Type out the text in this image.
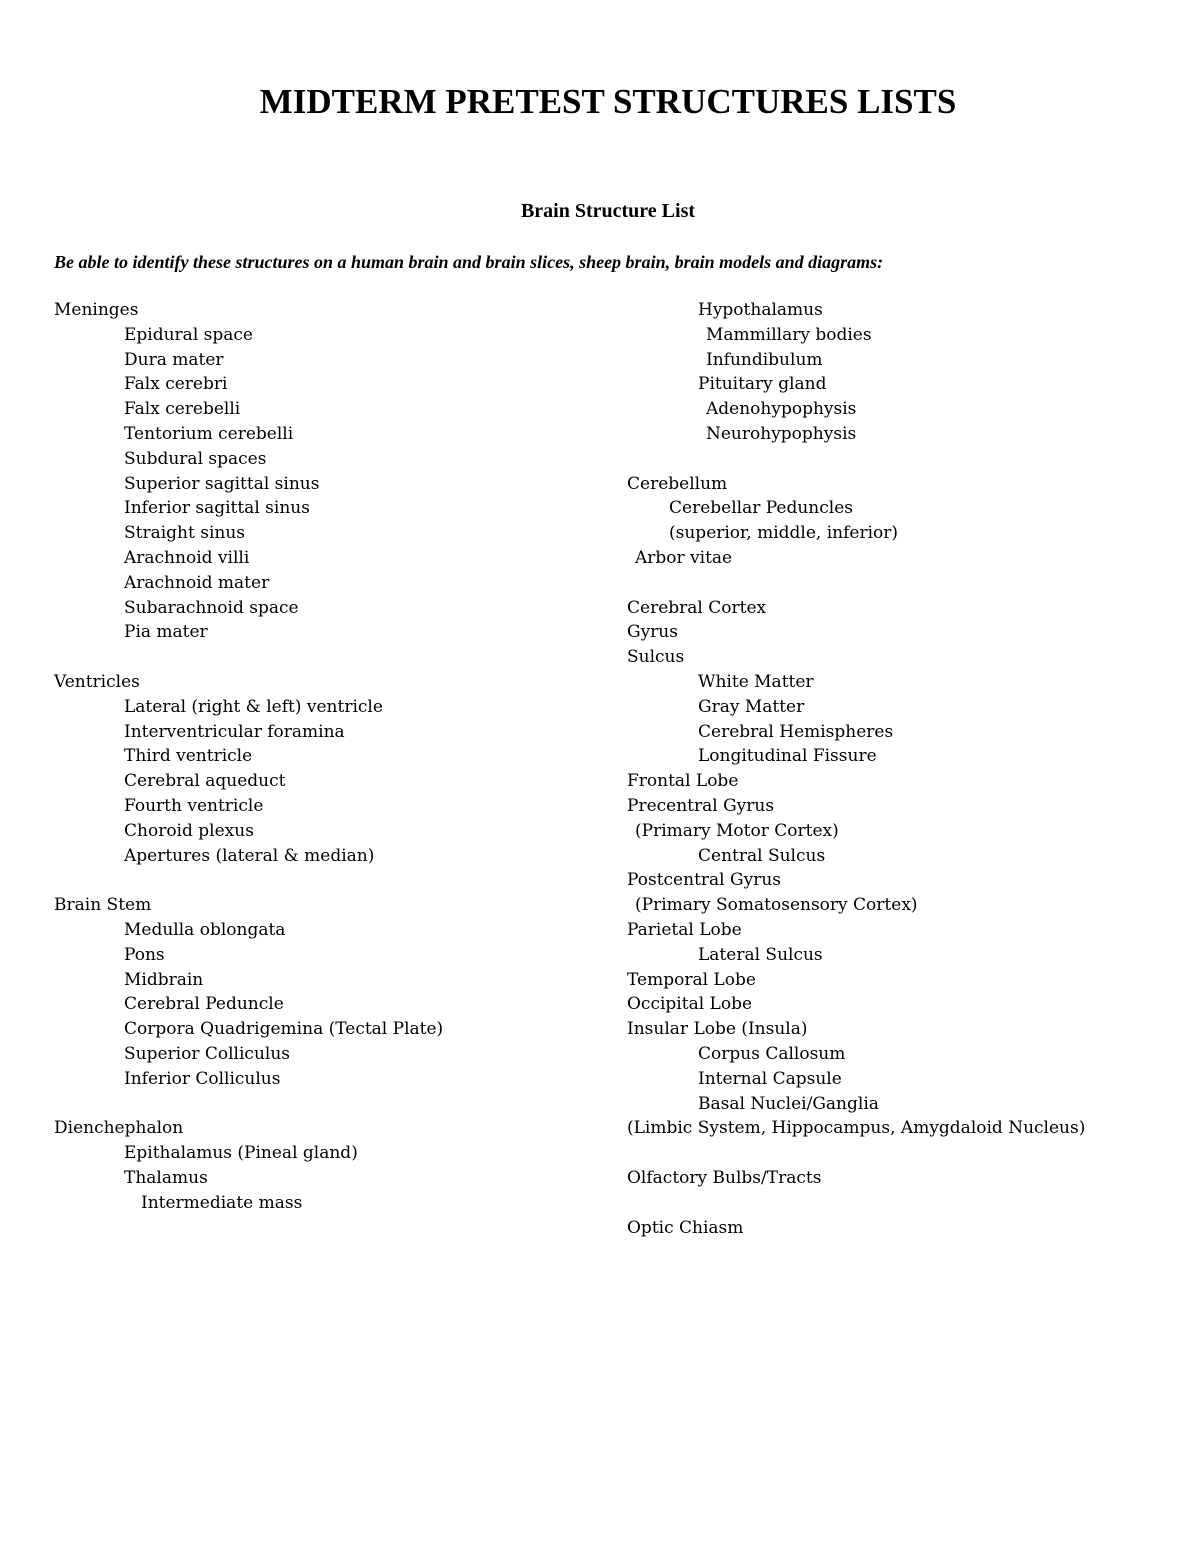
MIDTERM PRETEST STRUCTURES LISTS
Brain Structure List

Be able to identify these structures on a human brain and brain slices, sheep brain, brain models and diagrams:

Meninges
Epidural space
Dura mater
Falx cerebri
Falx cerebelli
Tentorium cerebelli
Subdural spaces
Superior sagittal sinus
Inferior sagittal sinus
Straight sinus
Arachnoid villi
Arachnoid mater
Subarachnoid space
Pia mater
Ventricles
Lateral (right & left) ventricle
Interventricular foramina
Third ventricle
Cerebral aqueduct
Fourth ventricle
Choroid plexus
Apertures (lateral & median)
Brain Stem
Medulla oblongata
Pons
Midbrain
Cerebral Peduncle
Corpora Quadrigemina (Tectal Plate)
Superior Colliculus
Inferior Colliculus
Dienchephalon
Epithalamus (Pineal gland)
Thalamus
Intermediate mass
Hypothalamus
Mammillary bodies
Infundibulum
Pituitary gland
Adenohypophysis
Neurohypophysis
Cerebellum
Cerebellar Peduncles
(superior, middle, inferior)
Arbor vitae
Cerebral Cortex
Gyrus
Sulcus
White Matter
Gray Matter
Cerebral Hemispheres
Longitudinal Fissure
Frontal Lobe
Precentral Gyrus
(Primary Motor Cortex)
Central Sulcus
Postcentral Gyrus
(Primary Somatosensory Cortex)
Parietal Lobe
Lateral Sulcus
Temporal Lobe
Occipital Lobe
Insular Lobe (Insula)
Corpus Callosum
Internal Capsule
Basal Nuclei/Ganglia
(Limbic System, Hippocampus, Amygdaloid Nucleus)
Olfactory Bulbs/Tracts
Optic Chiasm
